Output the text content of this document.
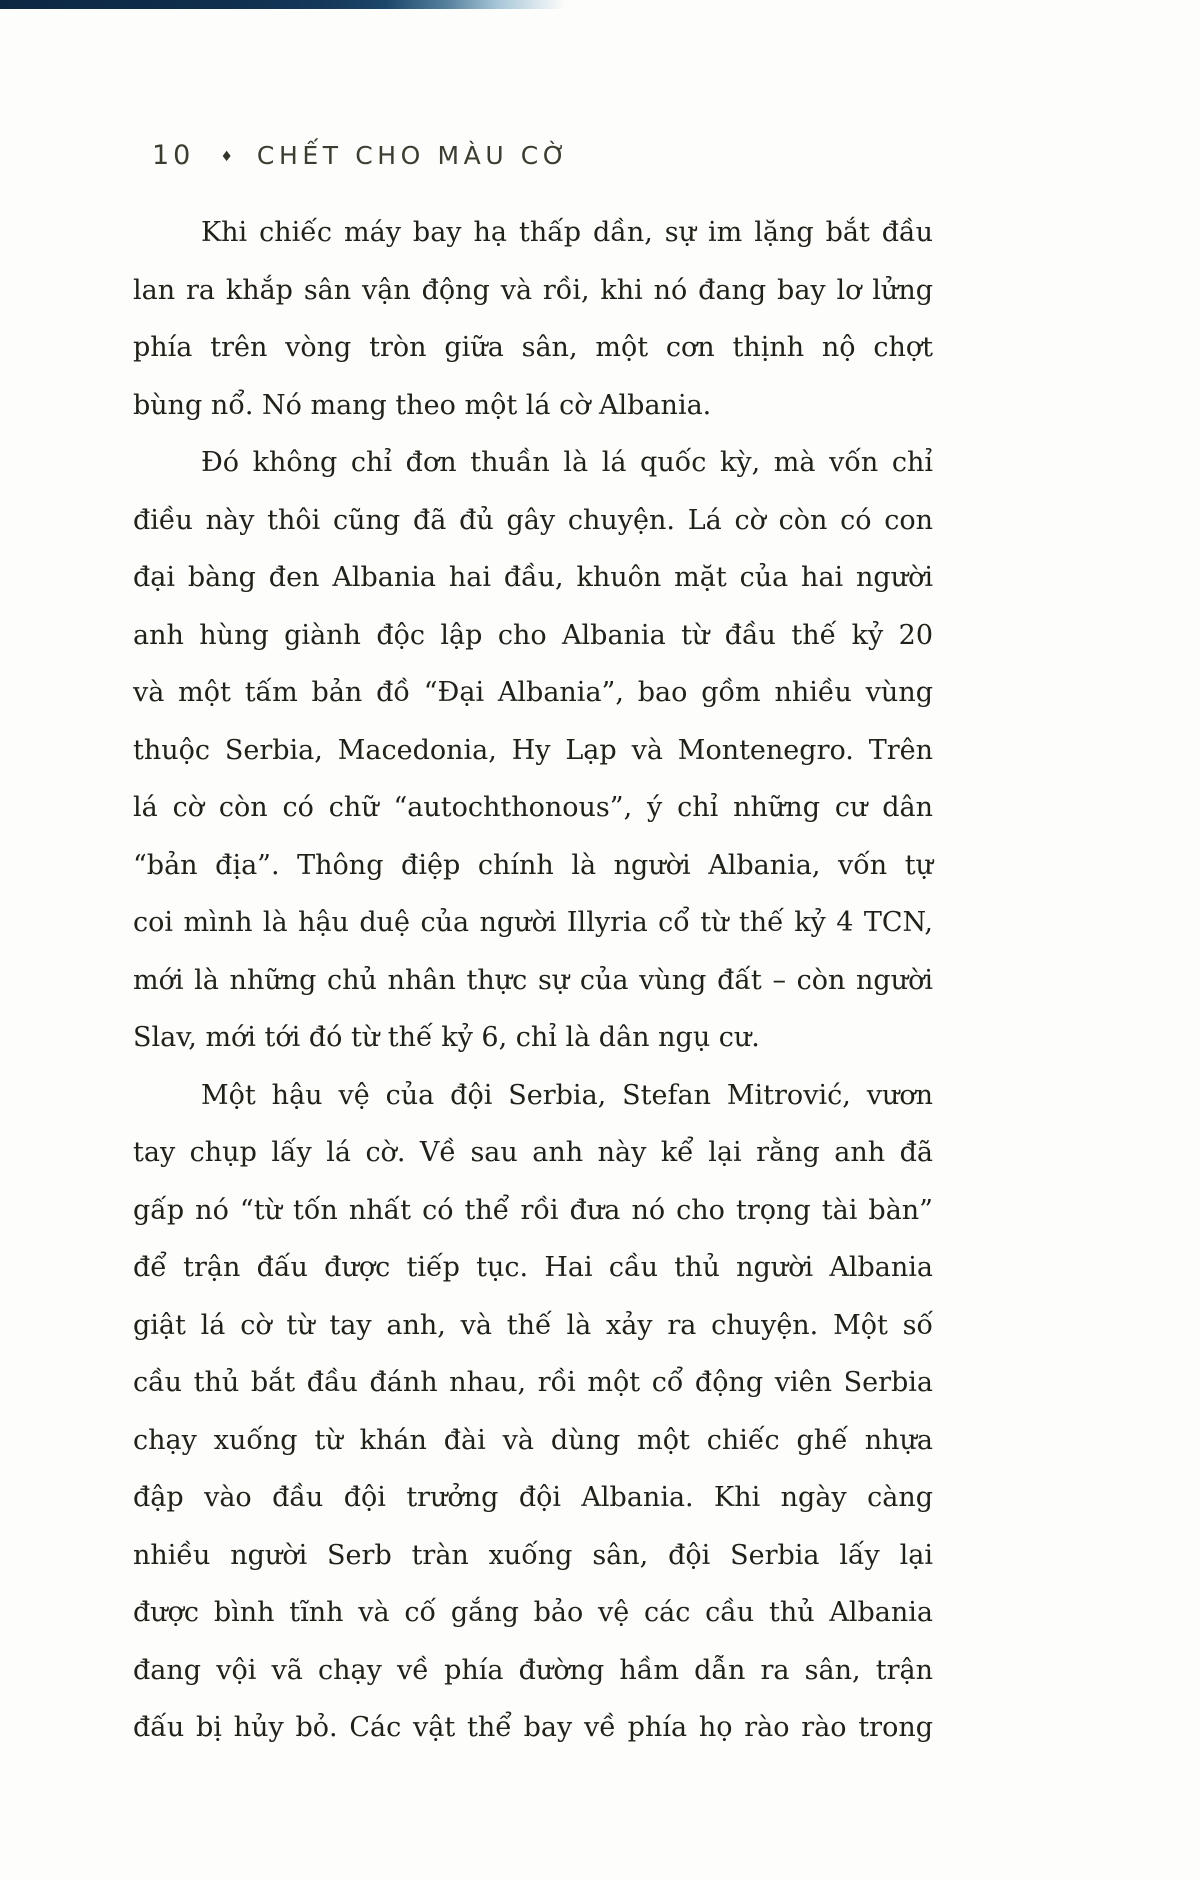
10 ♦ CHẾT CHO MÀU CỜ
Khi chiếc máy bay hạ thấp dần, sự im lặng bắt đầu
lan ra khắp sân vận động và rồi, khi nó đang bay lơ lửng
phía trên vòng tròn giữa sân, một cơn thịnh nộ chợt
bùng nổ. Nó mang theo một lá cờ Albania.
Đó không chỉ đơn thuần là lá quốc kỳ, mà vốn chỉ
điều này thôi cũng đã đủ gây chuyện. Lá cờ còn có con
đại bàng đen Albania hai đầu, khuôn mặt của hai người
anh hùng giành độc lập cho Albania từ đầu thế kỷ 20
và một tấm bản đồ “Đại Albania”, bao gồm nhiều vùng
thuộc Serbia, Macedonia, Hy Lạp và Montenegro. Trên
lá cờ còn có chữ “autochthonous”, ý chỉ những cư dân
“bản địa”. Thông điệp chính là người Albania, vốn tự
coi mình là hậu duệ của người Illyria cổ từ thế kỷ 4 TCN,
mới là những chủ nhân thực sự của vùng đất – còn người
Slav, mới tới đó từ thế kỷ 6, chỉ là dân ngụ cư.
Một hậu vệ của đội Serbia, Stefan Mitrović, vươn
tay chụp lấy lá cờ. Về sau anh này kể lại rằng anh đã
gấp nó “từ tốn nhất có thể rồi đưa nó cho trọng tài bàn”
để trận đấu được tiếp tục. Hai cầu thủ người Albania
giật lá cờ từ tay anh, và thế là xảy ra chuyện. Một số
cầu thủ bắt đầu đánh nhau, rồi một cổ động viên Serbia
chạy xuống từ khán đài và dùng một chiếc ghế nhựa
đập vào đầu đội trưởng đội Albania. Khi ngày càng
nhiều người Serb tràn xuống sân, đội Serbia lấy lại
được bình tĩnh và cố gắng bảo vệ các cầu thủ Albania
đang vội vã chạy về phía đường hầm dẫn ra sân, trận
đấu bị hủy bỏ. Các vật thể bay về phía họ rào rào trong
